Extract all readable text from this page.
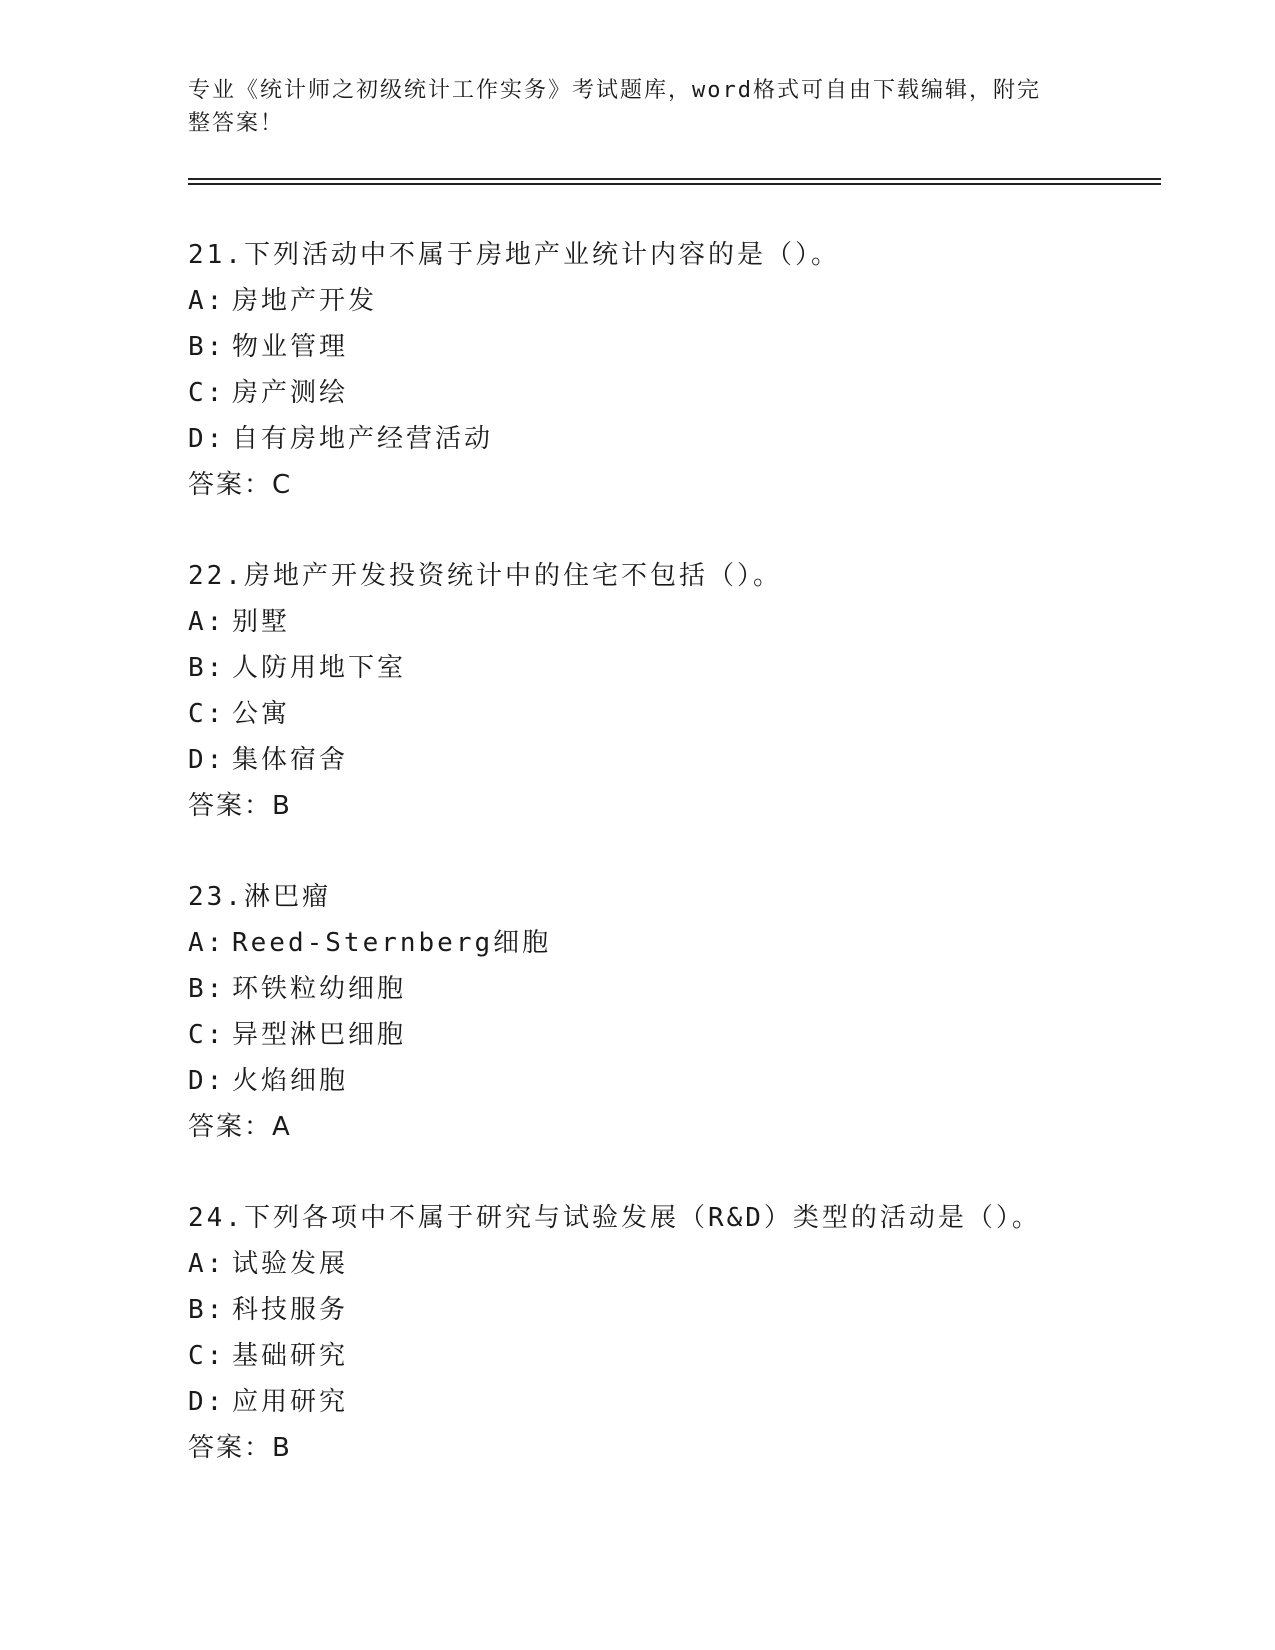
专业《统计师之初级统计工作实务》考试题库，word格式可自由下载编辑，附完
整答案！
21.下列活动中不属于房地产业统计内容的是（）。
A: 房地产开发
B: 物业管理
C: 房产测绘
D: 自有房地产经营活动
答案：C
22.房地产开发投资统计中的住宅不包括（）。
A: 别墅
B: 人防用地下室
C: 公寓
D: 集体宿舍
答案：B
23.淋巴瘤
A: Reed-Sternberg细胞
B: 环铁粒幼细胞
C: 异型淋巴细胞
D: 火焰细胞
答案：A
24.下列各项中不属于研究与试验发展（R&D）类型的活动是（）。
A: 试验发展
B: 科技服务
C: 基础研究
D: 应用研究
答案：B
